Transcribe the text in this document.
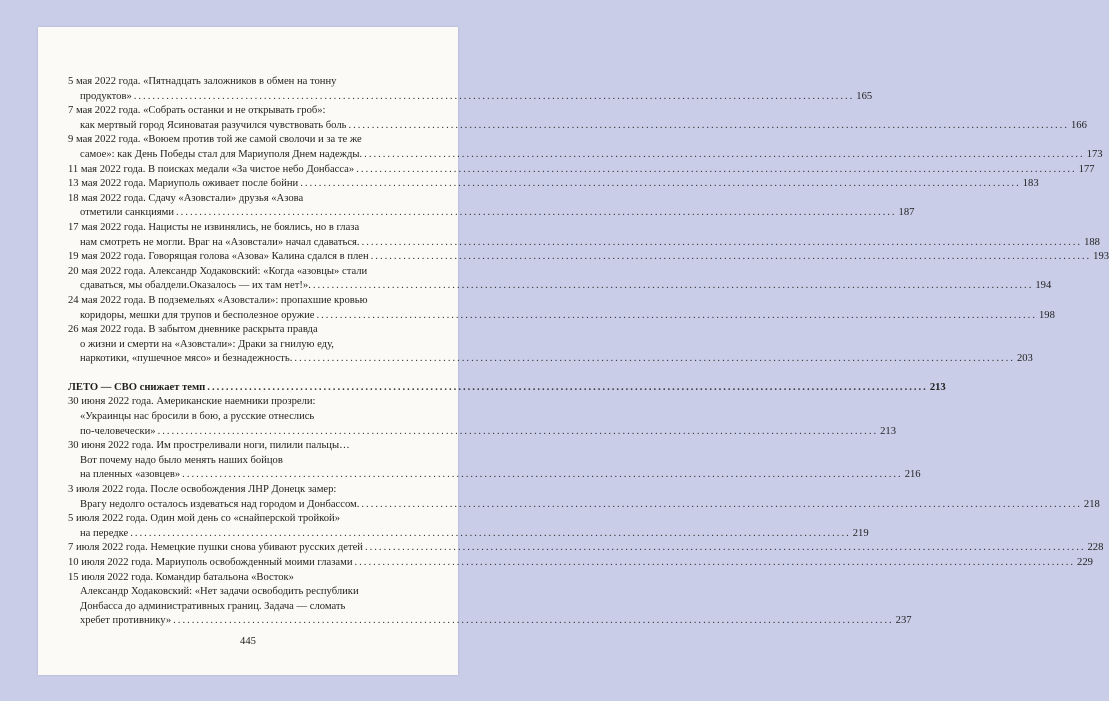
5 мая 2022 года. «Пятнадцать заложников в обмен на тонну
продуктов» .....	165
7 мая 2022 года. «Собрать останки и не открывать гроб»:
как мертвый город Ясиноватая разучился чувствовать боль .....	166
9 мая 2022 года. «Воюем против той же самой сволочи и за те же
самое»: как День Победы стал для Мариуполя Днем надежды. .....	173
11 мая 2022 года. В поисках медали «За чистое небо Донбасса» .....	177
13 мая 2022 года. Мариуполь оживает после бойни .....	183
18 мая 2022 года. Сдачу «Азовстали» друзья «Азова
отметили санкциями .....	187
17 мая 2022 года. Нацисты не извинялись, не боялись, но в глаза
нам смотреть не могли. Враг на «Азовстали» начал сдаваться. .....	188
19 мая 2022 года. Говорящая голова «Азова» Калина сдался в плен .....	193
20 мая 2022 года. Александр Ходаковский: «Когда «азовцы» стали
сдаваться, мы обалдели.Оказалось — их там нет!». .....	194
24 мая 2022 года. В подземельях «Азовстали»: пропахшие кровью
коридоры, мешки для трупов и бесполезное оружие .....	198
26 мая 2022 года. В забытом дневнике раскрыта правда
о жизни и смерти на «Азовстали»: Драки за гнилую еду,
наркотики, «пушечное мясо» и безнадежность. .....	203
ЛЕТО — СВО снижает темп .....	213
30 июня 2022 года. Американские наемники прозрели:
«Украинцы нас бросили в бою, а русские отнеслись
по-человечески» .....	213
30 июня 2022 года. Им простреливали ноги, пилили пальцы…
Вот почему надо было менять наших бойцов
на пленных «азовцев» .....	216
3 июля 2022 года. После освобождения ЛНР Донецк замер:
Врагу недолго осталось издеваться над городом и Донбассом. .....	218
5 июля 2022 года. Один мой день со «снайперской тройкой»
на передке .....	219
7 июля 2022 года. Немецкие пушки снова убивают русских детей .....	228
10 июля 2022 года. Мариуполь освобожденный моими глазами .....	229
15 июля 2022 года. Командир батальона «Восток»
Александр Ходаковский: «Нет задачи освободить республики
Донбасса до административных границ. Задача — сломать
хребет противнику» .....	237
445
